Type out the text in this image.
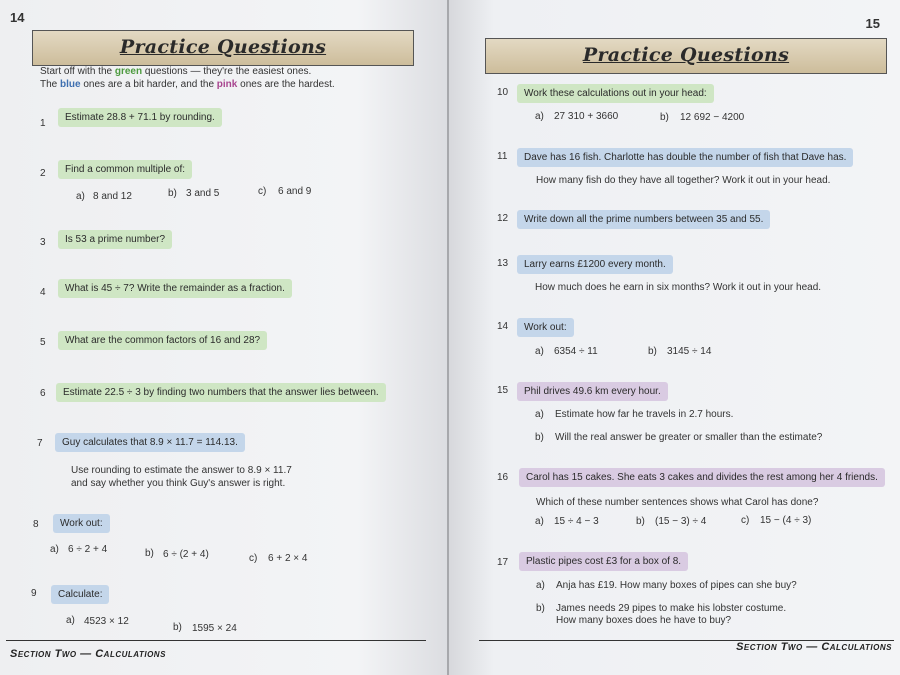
14
Practice Questions
Start off with the green questions — they're the easiest ones.
The blue ones are a bit harder, and the pink ones are the hardest.
1
Estimate 28.8 + 71.1 by rounding.
2	Find a common multiple of:
a) 8 and 12	b) 3 and 5	c) 6 and 9
3	Is 53 a prime number?
4	What is 45 ÷ 7? Write the remainder as a fraction.
5	What are the common factors of 16 and 28?
6	Estimate 22.5 ÷ 3 by finding two numbers that the answer lies between.
7	Guy calculates that 8.9 × 11.7 = 114.13.
Use rounding to estimate the answer to 8.9 × 11.7
and say whether you think Guy's answer is right.
8	Work out:
a) 6 ÷ 2 + 4	b) 6 ÷ (2 + 4)	c) 6 + 2 × 4
9	Calculate:
a) 4523 × 12
b) 1595 × 24
Section Two — Calculations
15
Practice Questions
10	Work these calculations out in your head:
a) 27 310 + 3660	b) 12 692 − 4200
11	Dave has 16 fish. Charlotte has double the number of fish that Dave has.
How many fish do they have all together? Work it out in your head.
12	Write down all the prime numbers between 35 and 55.
13	Larry earns £1200 every month.
How much does he earn in six months? Work it out in your head.
14	Work out:
a) 6354 ÷ 11	b) 3145 ÷ 14
15	Phil drives 49.6 km every hour.
a) Estimate how far he travels in 2.7 hours.
b) Will the real answer be greater or smaller than the estimate?
16	Carol has 15 cakes. She eats 3 cakes and divides the rest among her 4 friends.
Which of these number sentences shows what Carol has done?
a) 15 ÷ 4 − 3	b) (15 − 3) ÷ 4	c) 15 − (4 ÷ 3)
17	Plastic pipes cost £3 for a box of 8.
a) Anja has £19. How many boxes of pipes can she buy?
b) James needs 29 pipes to make his lobster costume.
How many boxes does he have to buy?
Section Two — Calculations
